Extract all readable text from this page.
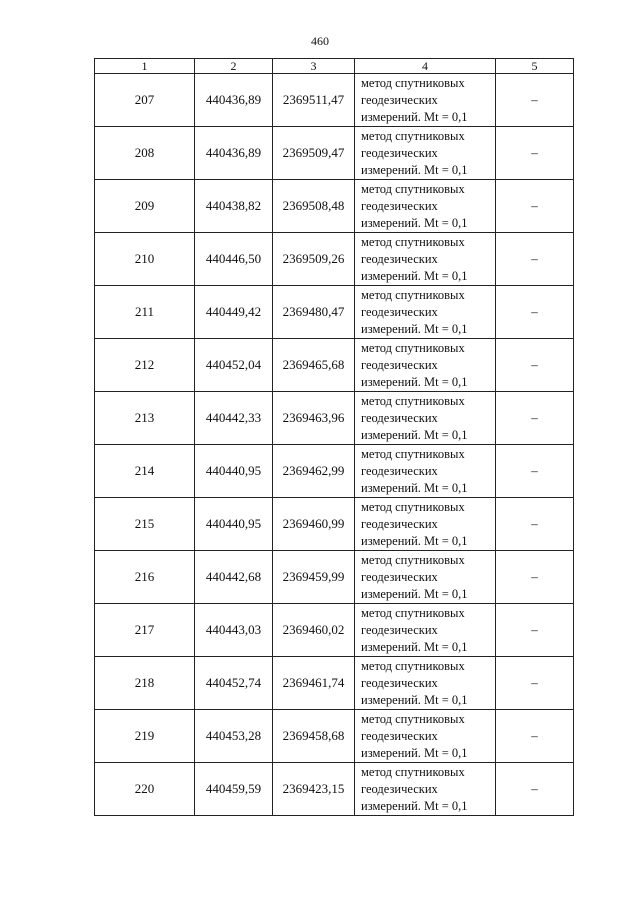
460
1	2	3	4	5
207	440436,89	2369511,47	метод спутниковых
геодезических
измерений. Mt = 0,1	–
208	440436,89	2369509,47	метод спутниковых
геодезических
измерений. Mt = 0,1	–
209	440438,82	2369508,48	метод спутниковых
геодезических
измерений. Mt = 0,1	–
210	440446,50	2369509,26	метод спутниковых
геодезических
измерений. Mt = 0,1	–
211	440449,42	2369480,47	метод спутниковых
геодезических
измерений. Mt = 0,1	–
212	440452,04	2369465,68	метод спутниковых
геодезических
измерений. Mt = 0,1	–
213	440442,33	2369463,96	метод спутниковых
геодезических
измерений. Mt = 0,1	–
214	440440,95	2369462,99	метод спутниковых
геодезических
измерений. Mt = 0,1	–
215	440440,95	2369460,99	метод спутниковых
геодезических
измерений. Mt = 0,1	–
216	440442,68	2369459,99	метод спутниковых
геодезических
измерений. Mt = 0,1	–
217	440443,03	2369460,02	метод спутниковых
геодезических
измерений. Mt = 0,1	–
218	440452,74	2369461,74	метод спутниковых
геодезических
измерений. Mt = 0,1	–
219	440453,28	2369458,68	метод спутниковых
геодезических
измерений. Mt = 0,1	–
220	440459,59	2369423,15	метод спутниковых
геодезических
измерений. Mt = 0,1	–
